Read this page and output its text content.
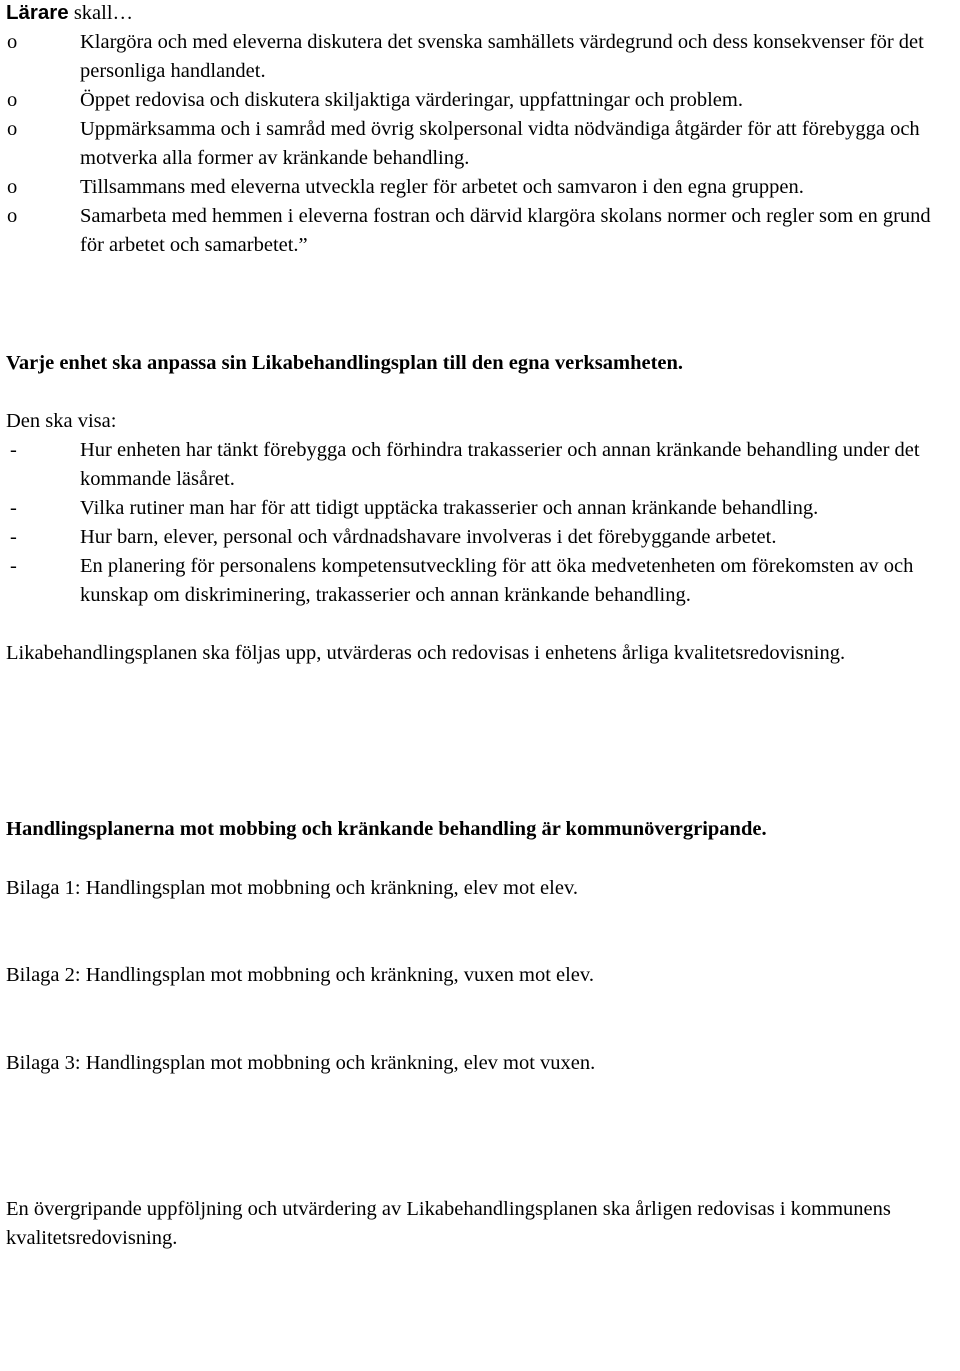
Lärare skall…

o	Klargöra och med eleverna diskutera det svenska samhällets värdegrund och dess konsekvenser för det personliga handlandet.
o	Öppet redovisa och diskutera skiljaktiga värderingar, uppfattningar och problem.
o	Uppmärksamma och i samråd med övrig skolpersonal vidta nödvändiga åtgärder för att förebygga och motverka alla former av kränkande behandling.
o	Tillsammans med eleverna utveckla regler för arbetet och samvaron i den egna gruppen.
o	Samarbeta med hemmen i eleverna fostran och därvid klargöra skolans normer och regler som en grund för arbetet och samarbetet.”

Varje enhet ska anpassa sin Likabehandlingsplan till den egna verksamheten.

Den ska visa:

-	Hur enheten har tänkt förebygga och förhindra trakasserier och annan kränkande behandling under det kommande läsåret.
-	Vilka rutiner man har för att tidigt upptäcka trakasserier och annan kränkande behandling.
-	Hur barn, elever, personal och vårdnadshavare involveras i det förebyggande arbetet.
-	En planering för personalens kompetensutveckling för att öka medvetenheten om förekomsten av och kunskap om diskriminering, trakasserier och annan kränkande behandling.

Likabehandlingsplanen ska följas upp, utvärderas och redovisas i enhetens årliga kvalitetsredovisning.

Handlingsplanerna mot mobbing och kränkande behandling är kommunövergripande.

Bilaga 1: Handlingsplan mot mobbning och kränkning, elev mot elev.

Bilaga 2: Handlingsplan mot mobbning och kränkning, vuxen mot elev.

Bilaga 3: Handlingsplan mot mobbning och kränkning, elev mot vuxen.

En övergripande uppföljning och utvärdering av Likabehandlingsplanen ska årligen redovisas i kommunens kvalitetsredovisning.
